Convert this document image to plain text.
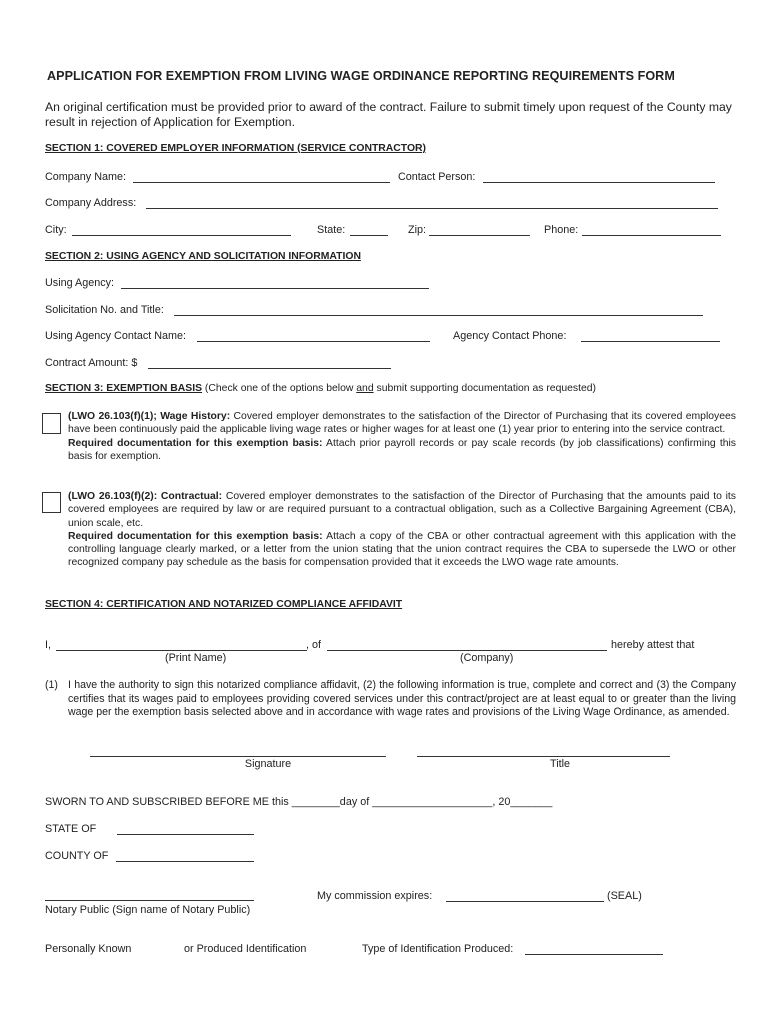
APPLICATION FOR EXEMPTION FROM LIVING WAGE ORDINANCE REPORTING REQUIREMENTS FORM
An original certification must be provided prior to award of the contract. Failure to submit timely upon request of the County may result in rejection of Application for Exemption.
SECTION 1: COVERED EMPLOYER INFORMATION (SERVICE CONTRACTOR)
Company Name:	Contact Person:
Company Address:
City:	State:	Zip:	Phone:
SECTION 2: USING AGENCY AND SOLICITATION INFORMATION
Using Agency:
Solicitation No. and Title:
Using Agency Contact Name:	Agency Contact Phone:
Contract Amount: $
SECTION 3: EXEMPTION BASIS (Check one of the options below and submit supporting documentation as requested)
(LWO 26.103(f)(1); Wage History: Covered employer demonstrates to the satisfaction of the Director of Purchasing that its covered employees have been continuously paid the applicable living wage rates or higher wages for at least one (1) year prior to entering into the service contract.
Required documentation for this exemption basis: Attach prior payroll records or pay scale records (by job classifications) confirming this basis for exemption.
(LWO 26.103(f)(2): Contractual: Covered employer demonstrates to the satisfaction of the Director of Purchasing that the amounts paid to its covered employees are required by law or are required pursuant to a contractual obligation, such as a Collective Bargaining Agreement (CBA), union scale, etc.
Required documentation for this exemption basis: Attach a copy of the CBA or other contractual agreement with this application with the controlling language clearly marked, or a letter from the union stating that the union contract requires the CBA to supersede the LWO or other recognized company pay schedule as the basis for compensation provided that it exceeds the LWO wage rate amounts.
SECTION 4: CERTIFICATION AND NOTARIZED COMPLIANCE AFFIDAVIT
I,	, of	hereby attest that
(Print Name)	(Company)
(1) I have the authority to sign this notarized compliance affidavit, (2) the following information is true, complete and correct and (3) the Company certifies that its wages paid to employees providing covered services under this contract/project are at least equal to or greater than the living wage per the exemption basis selected above and in accordance with wage rates and provisions of the Living Wage Ordinance, as amended.
Signature	Title
SWORN TO AND SUBSCRIBED BEFORE ME this ________day of ____________________, 20_______
STATE OF
COUNTY OF
Notary Public (Sign name of Notary Public)
My commission expires:	(SEAL)
Personally Known	or Produced Identification	Type of Identification Produced:
